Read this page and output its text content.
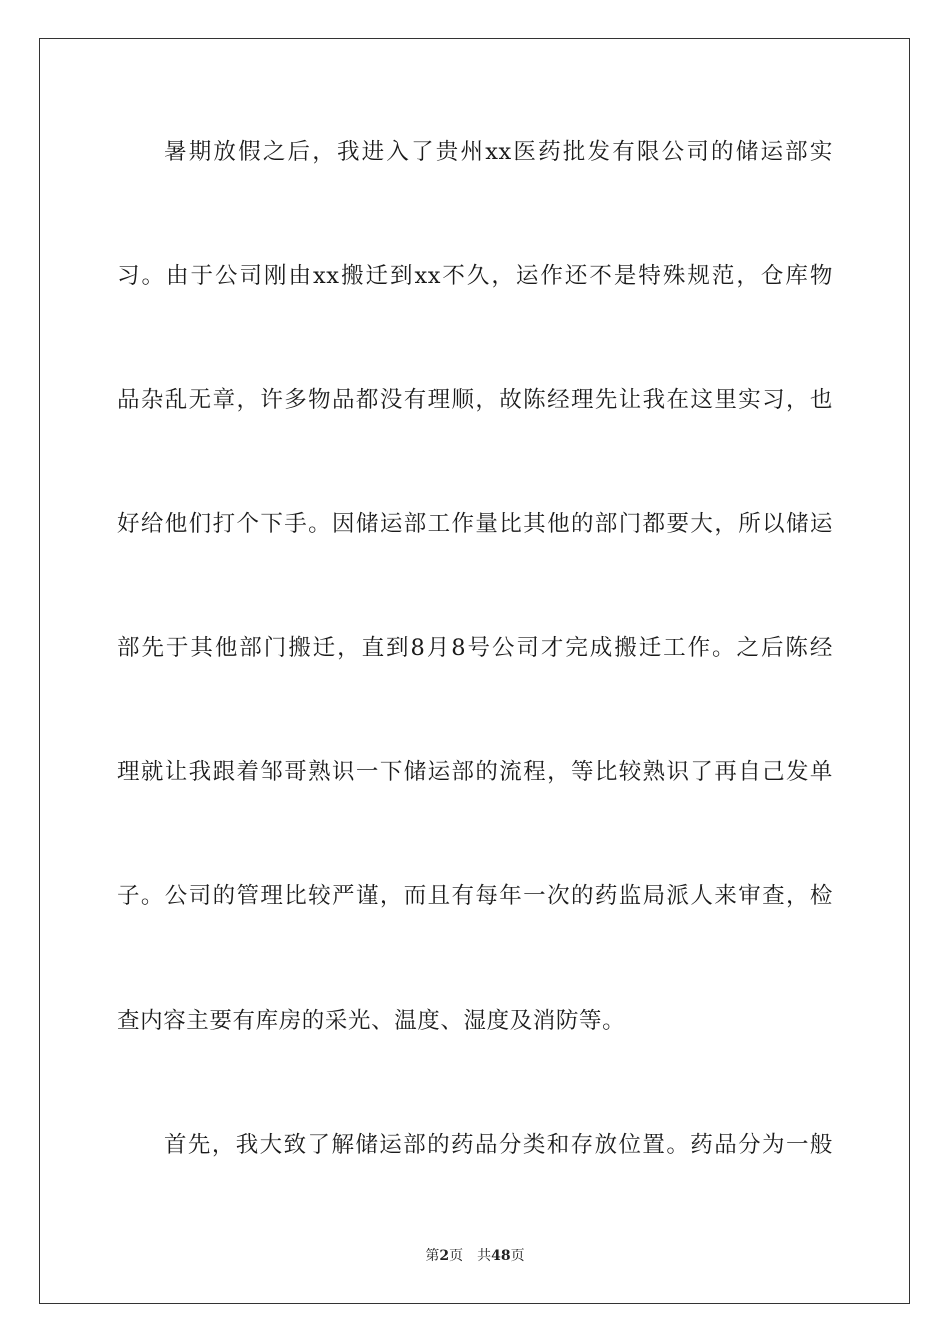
暑期放假之后，我进入了贵州xx医药批发有限公司的储运部实
习。由于公司刚由xx搬迁到xx不久，运作还不是特殊规范，仓库物
品杂乱无章，许多物品都没有理顺，故陈经理先让我在这里实习，也
好给他们打个下手。因储运部工作量比其他的部门都要大，所以储运
部先于其他部门搬迁，直到8月8号公司才完成搬迁工作。之后陈经
理就让我跟着邹哥熟识一下储运部的流程，等比较熟识了再自己发单
子。公司的管理比较严谨，而且有每年一次的药监局派人来审查，检
查内容主要有库房的采光、温度、湿度及消防等。
首先，我大致了解储运部的药品分类和存放位置。药品分为一般
第2页 共48页
